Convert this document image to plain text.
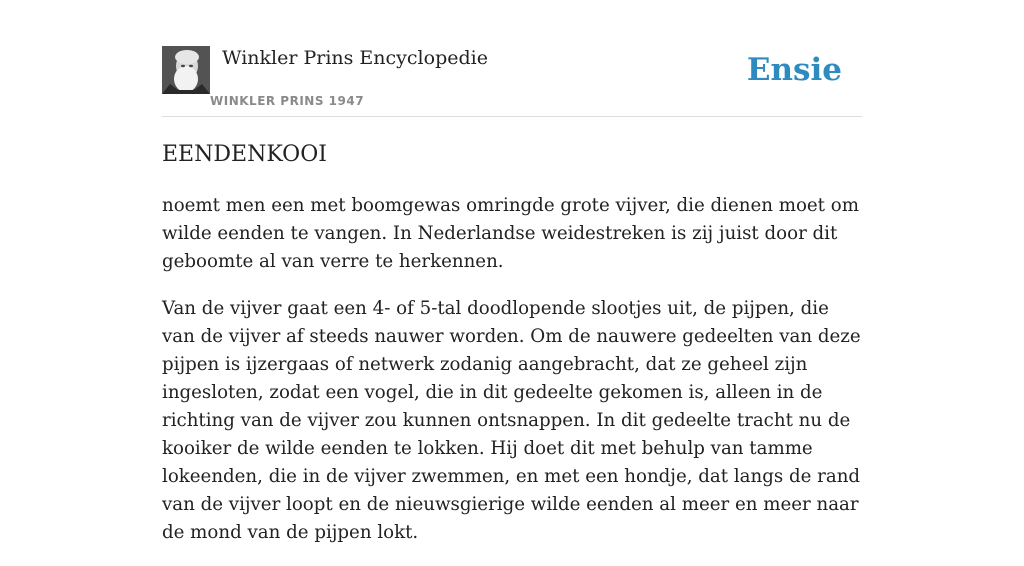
Winkler Prins Encyclopedie
WINKLER PRINS 1947
Ensie
EENDENKOOI

noemt men een met boomgewas omringde grote vijver, die dienen moet om wilde eenden te vangen. In Nederlandse weidestreken is zij juist door dit geboomte al van verre te herkennen.

Van de vijver gaat een 4- of 5-tal doodlopende slootjes uit, de pijpen, die van de vijver af steeds nauwer worden. Om de nauwere gedeelten van deze pijpen is ijzergaas of netwerk zodanig aangebracht, dat ze geheel zijn ingesloten, zodat een vogel, die in dit gedeelte gekomen is, alleen in de richting van de vijver zou kunnen ontsnappen. In dit gedeelte tracht nu de kooiker de wilde eenden te lokken. Hij doet dit met behulp van tamme lokeenden, die in de vijver zwemmen, en met een hondje, dat langs de rand van de vijver loopt en de nieuwsgierige wilde eenden al meer en meer naar de mond van de pijpen lokt.
